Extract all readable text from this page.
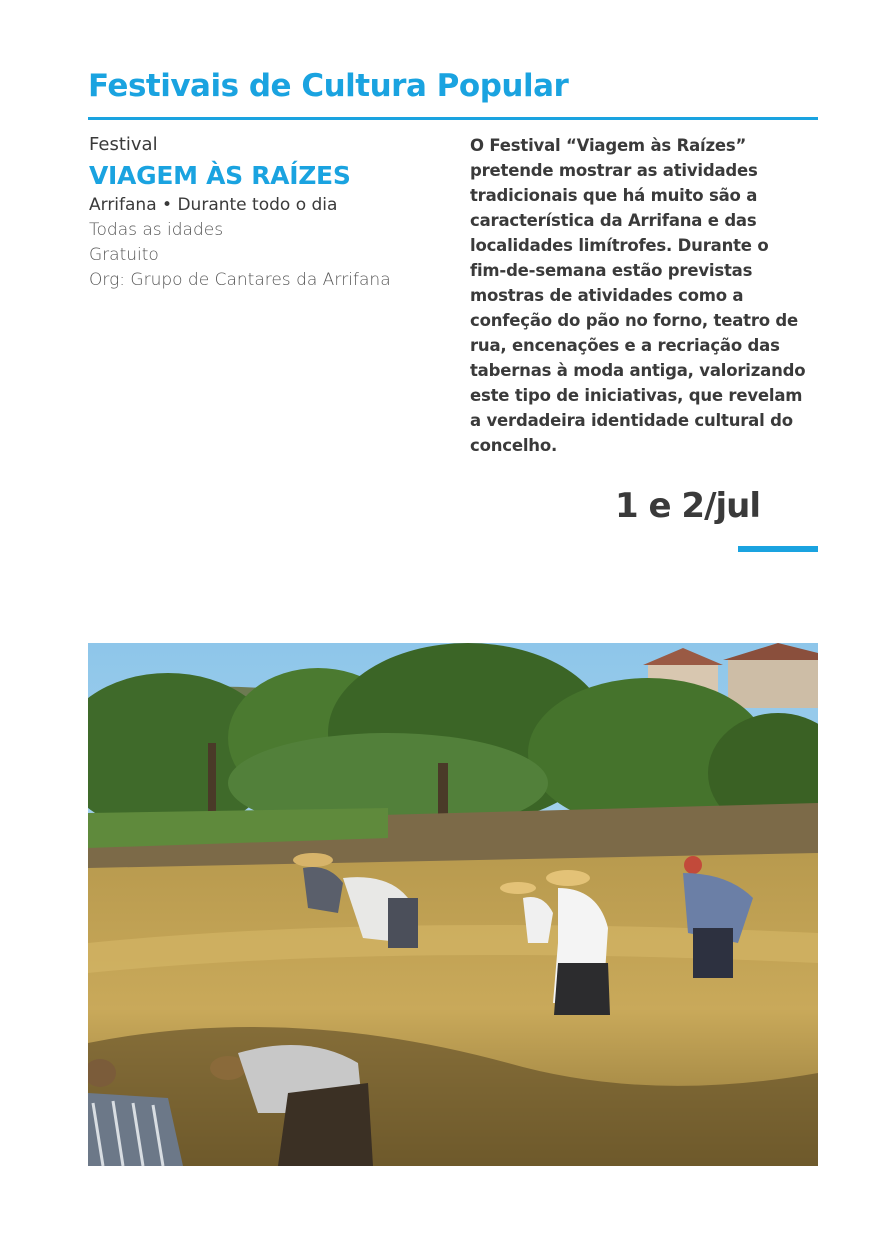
Festivais de Cultura Popular
Festival
VIAGEM ÀS RAÍZES
Arrifana • Durante todo o dia
Todas as idades
Gratuito
Org: Grupo de Cantares da Arrifana
O Festival “Viagem às Raízes”
pretende mostrar as atividades
tradicionais que há muito são a
característica da Arrifana e das
localidades limítrofes. Durante o
fim-de-semana estão previstas
mostras de atividades como a
confeção do pão no forno, teatro de
rua, encenações e a recriação das
tabernas à moda antiga, valorizando
este tipo de iniciativas, que revelam
a verdadeira identidade cultural do
concelho.
1 e 2/jul
